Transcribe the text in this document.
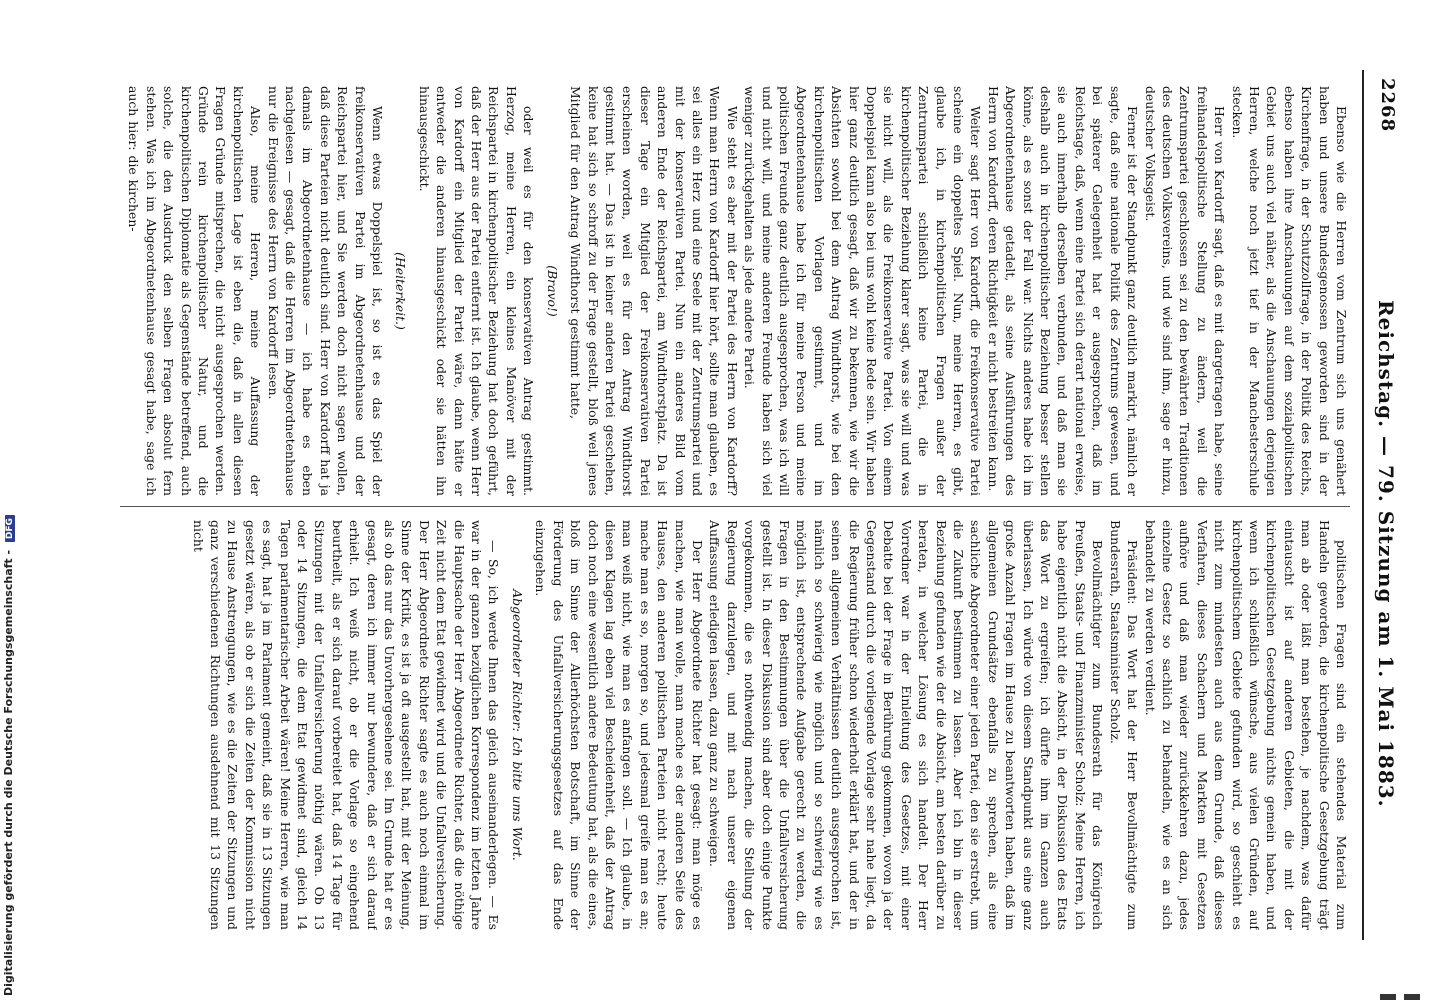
2268
Reichstag. — 79. Sitzung am 1. Mai 1883.

Ebenso wie die Herren vom Zentrum sich uns genähert haben und unsere Bundesgenossen geworden sind in der Kirchenfrage, in der Schutzzollfrage, in der Politik des Reichs, ebenso haben ihre Anschauungen auf dem sozialpolitischen Gebiet uns auch viel näher, als die Anschauungen derjenigen Herren, welche noch jetzt tief in der Manchesterschule stecken.

Herr von Kardorff sagt, daß es mit dargetragen habe, seine freihandelspolitische Stellung zu ändern, weil die Zentrumspartei geschlossen sei zu den bewährten Traditionen des deutschen Volksvereins, und wie sind ihm, sage er hinzu, deutscher Volksgeist.

Ferner ist der Standpunkt ganz deutlich markirt, nämlich er sagte, daß eine nationale Politik des Zentrums gewesen, und bei späterer Gelegenheit hat er ausgesprochen, daß im Reichstage, daß, wenn eine Partei sich derart national erweise, sie auch innerhalb derselben verbunden, und daß man sie deshalb auch in kirchenpolitischer Beziehung besser stellen könne, als es sonst der Fall war. Nichts anderes habe ich im Abgeordnetenhause getadelt, als seine Ausführungen des Herrn von Kardorff, deren Richtigkeit er nicht bestreiten kann.

Weiter sagt Herr von Kardorff, die Freikonservative Partei scheine ein doppeltes Spiel. Nun, meine Herren, es gibt, glaube ich, in kirchenpolitischen Fragen außer der Zentrumspartei schließlich keine Partei, die in kirchenpolitischer Beziehung klarer sagt, was sie will und was sie nicht will, als die Freikonservative Partei. Von einem Doppelspiel kann also bei uns wohl keine Rede sein. Wir haben hier ganz deutlich gesagt, daß wir zu bekennen, wie wir die Absichten sowohl bei dem Antrag Windthorst, wie bei den kirchenpolitischen Vorlagen gestimmt, und im Abgeordnetenhause habe ich für meine Person und meine politischen Freunde ganz deutlich ausgesprochen, was ich will und nicht will, und meine anderen Freunde haben sich viel weniger zurückgehalten als jede andere Partei.

Wie steht es aber mit der Partei des Herrn von Kardorff? Wenn man Herrn von Kardorff hier hört, sollte man glauben, es sei alles ein Herz und eine Seele mit der Zentrumspartei und mit der konservativen Partei. Nun ein anderes Bild vom anderen Ende der Reichspartei, am Windthorstplatz. Da ist dieser Tage ein Mitglied der Freikonservativen Partei erscheinen worden, weil es für den Antrag Windthorst gestimmt hat. — Das ist in keiner anderen Partei geschehen, keine hat sich so schroff zu der Frage gestellt, bloß weil jenes Mitglied für den Antrag Windthorst gestimmt hatte,

(Bravo!)

oder weil es für den konservativen Antrag gestimmt. Herzog, meine Herren, ein kleines Manöver mit der Reichspartei in kirchenpolitischer Beziehung hat doch geführt, daß der Herr aus der Partei entfernt ist. Ich glaube, wenn Herr von Kardorff ein Mitglied der Partei wäre, dann hätte er entweder die anderen hinausgeschickt oder sie hätten ihn hinausgeschickt.

(Heiterkeit.)

Wenn etwas Doppelspiel ist, so ist es das Spiel der freikonservativen Partei im Abgeordnetenhause und der Reichspartei hier, und Sie werden doch nicht sagen wollen, daß diese Parteien nicht deutlich sind. Herr von Kardorff hat ja damals im Abgeordnetenhause — ich habe es eben nachgelesen — gesagt, daß die Herren im Abgeordnetenhause nur die Ereignisse des Herrn von Kardorff lesen.

Also, meine Herren, meine Auffassung der kirchenpolitischen Lage ist eben die, daß in allen diesen Fragen Gründe mitsprechen, die nicht ausgesprochen werden. Gründe rein kirchenpolitischer Natur, und die kirchenpolitischen Diplomatie als Gegenstände betreffend, auch solche, die den Ausdruck den selben Fragen absolut fern stehen. Was ich im Abgeordnetenhause gesagt habe, sage ich auch hier: die kirchen-

politischen Fragen sind ein stehendes Material zum Handeln geworden, die kirchenpolitische Gesetzgebung trägt man ab oder läßt man bestehen, je nachdem, was dafür eintauscht ist auf anderen Gebieten, die mit der kirchenpolitischen Gesetzgebung nichts gemein haben, und wenn ich schließlich wünsche, aus vielen Gründen, auf kirchenpolitischem Gebiete gefunden wird, so geschieht es nicht zum mindesten auch aus dem Grunde, daß dieses Verfahren, dieses Schachern und Markten mit Gesetzen aufhöre und daß man wieder zurückkehren dazu, jedes einzelne Gesetz so sachlich zu behandeln, wie es an sich behandelt zu werden verdient.

Präsident: Das Wort hat der Herr Bevollmächtigte zum Bundesrath, Staatsminister Scholz.

Bevollmächtigter zum Bundesrath für das Königreich Preußen, Staats- und Finanzminister Scholz: Meine Herren, ich habe eigentlich nicht die Absicht, in der Diskussion des Etats das Wort zu ergreifen; ich dürfte ihm im Ganzen auch überlassen, Ich würde von diesem Standpunkt aus eine ganz große Anzahl Fragen im Hause zu beantworten haben, daß im allgemeinen Grundsätze ebenfalls zu sprechen, als eine sachliche Abgeordneter einer jeden Partei, den sie erstrebt, um die Zukunft bestimmen zu lassen. Aber ich bin in dieser Beziehung gefunden wie der die Absicht, am besten darüber zu beraten, in welcher Lösung es sich handelt. Der Herr Vorredner war in der Einleitung des Gesetzes, mit einer Debatte bei der Frage in Berührung gekommen, wovon ja der Gegenstand durch die vorliegende Vorlage sehr nahe liegt, da die Regierung früher schon wiederholt erklärt hat, und der in seinen allgemeinen Verhältnissen deutlich ausgesprochen ist, nämlich so schwierig wie möglich und so schwierig wie es möglich ist, entsprechende Aufgabe gerecht zu werden, die Fragen in den Bestimmungen über die Unfallversicherung gestellt ist. In dieser Diskussion sind aber doch einige Punkte vorgekommen, die es nothwendig machen, die Stellung der Regierung darzulegen, und mit nach unserer eigenen Auffassung erledigen lassen, dazu ganz zu schweigen.

Der Herr Abgeordnete Richter hat gesagt: man möge es machen, wie man wolle, man mache es der anderen Seite des Hauses, den anderen politischen Parteien nicht recht; heute mache man es so, morgen so, und jedesmal greife man es an; man weiß nicht, wie man es anfangen soll. — Ich glaube, in diesen Klagen lag eben viel Bescheidenheit, daß der Antrag doch noch eine wesentlich andere Bedeutung hat, als die eines, bloß im Sinne der Allerhöchsten Botschaft, im Sinne der Förderung des Unfallversicherungsgesetzes auf das Ende einzugehen.

Abgeordneter Richter: Ich bitte ums Wort.

— So, ich werde Ihnen das gleich auseinanderlegen. — Es war in der ganzen bezüglichen Korrespondenz im letzten Jahre die Hauptsache der Herr Abgeordnete Richter, daß die nöthige Zeit nicht dem Etat gewidmet wird und die Unfallversicherung. Der Herr Abgeordnete Richter sagte es auch noch einmal im Sinne der Kritik, es ist ja oft ausgestellt hat, mit der Meinung, als ob das nur das Unvorhergesehene sei. Im Grunde hat er es gesagt, deren ich immer nur bewundere, daß er sich darauf erhielt. Ich weiß nicht, ob er die Vorlage so eingehend beurtheilt, als er sich darauf vorbereitet hat, daß 14 Tage für Sitzungen mit der Unfallversicherung nöthig wären. Ob 13 oder 14 Sitzungen, die dem Etat gewidmet sind, gleich 14 Tagen parlamentarischer Arbeit wären! Meine Herren, wie man es sagt, hat ja im Parlament gemeint, daß sie in 13 Sitzungen gesetzt wären, als ob er sich die Zeiten der Kommission nicht zu Hause Anstrengungen, wie es die Zeiten der Sitzungen und ganz verschiedenen Richtungen ausdehnend mit 13 Sitzungen nicht

Digitalisierung gefördert durch die Deutsche Forschungsgemeinschaft - DFG
